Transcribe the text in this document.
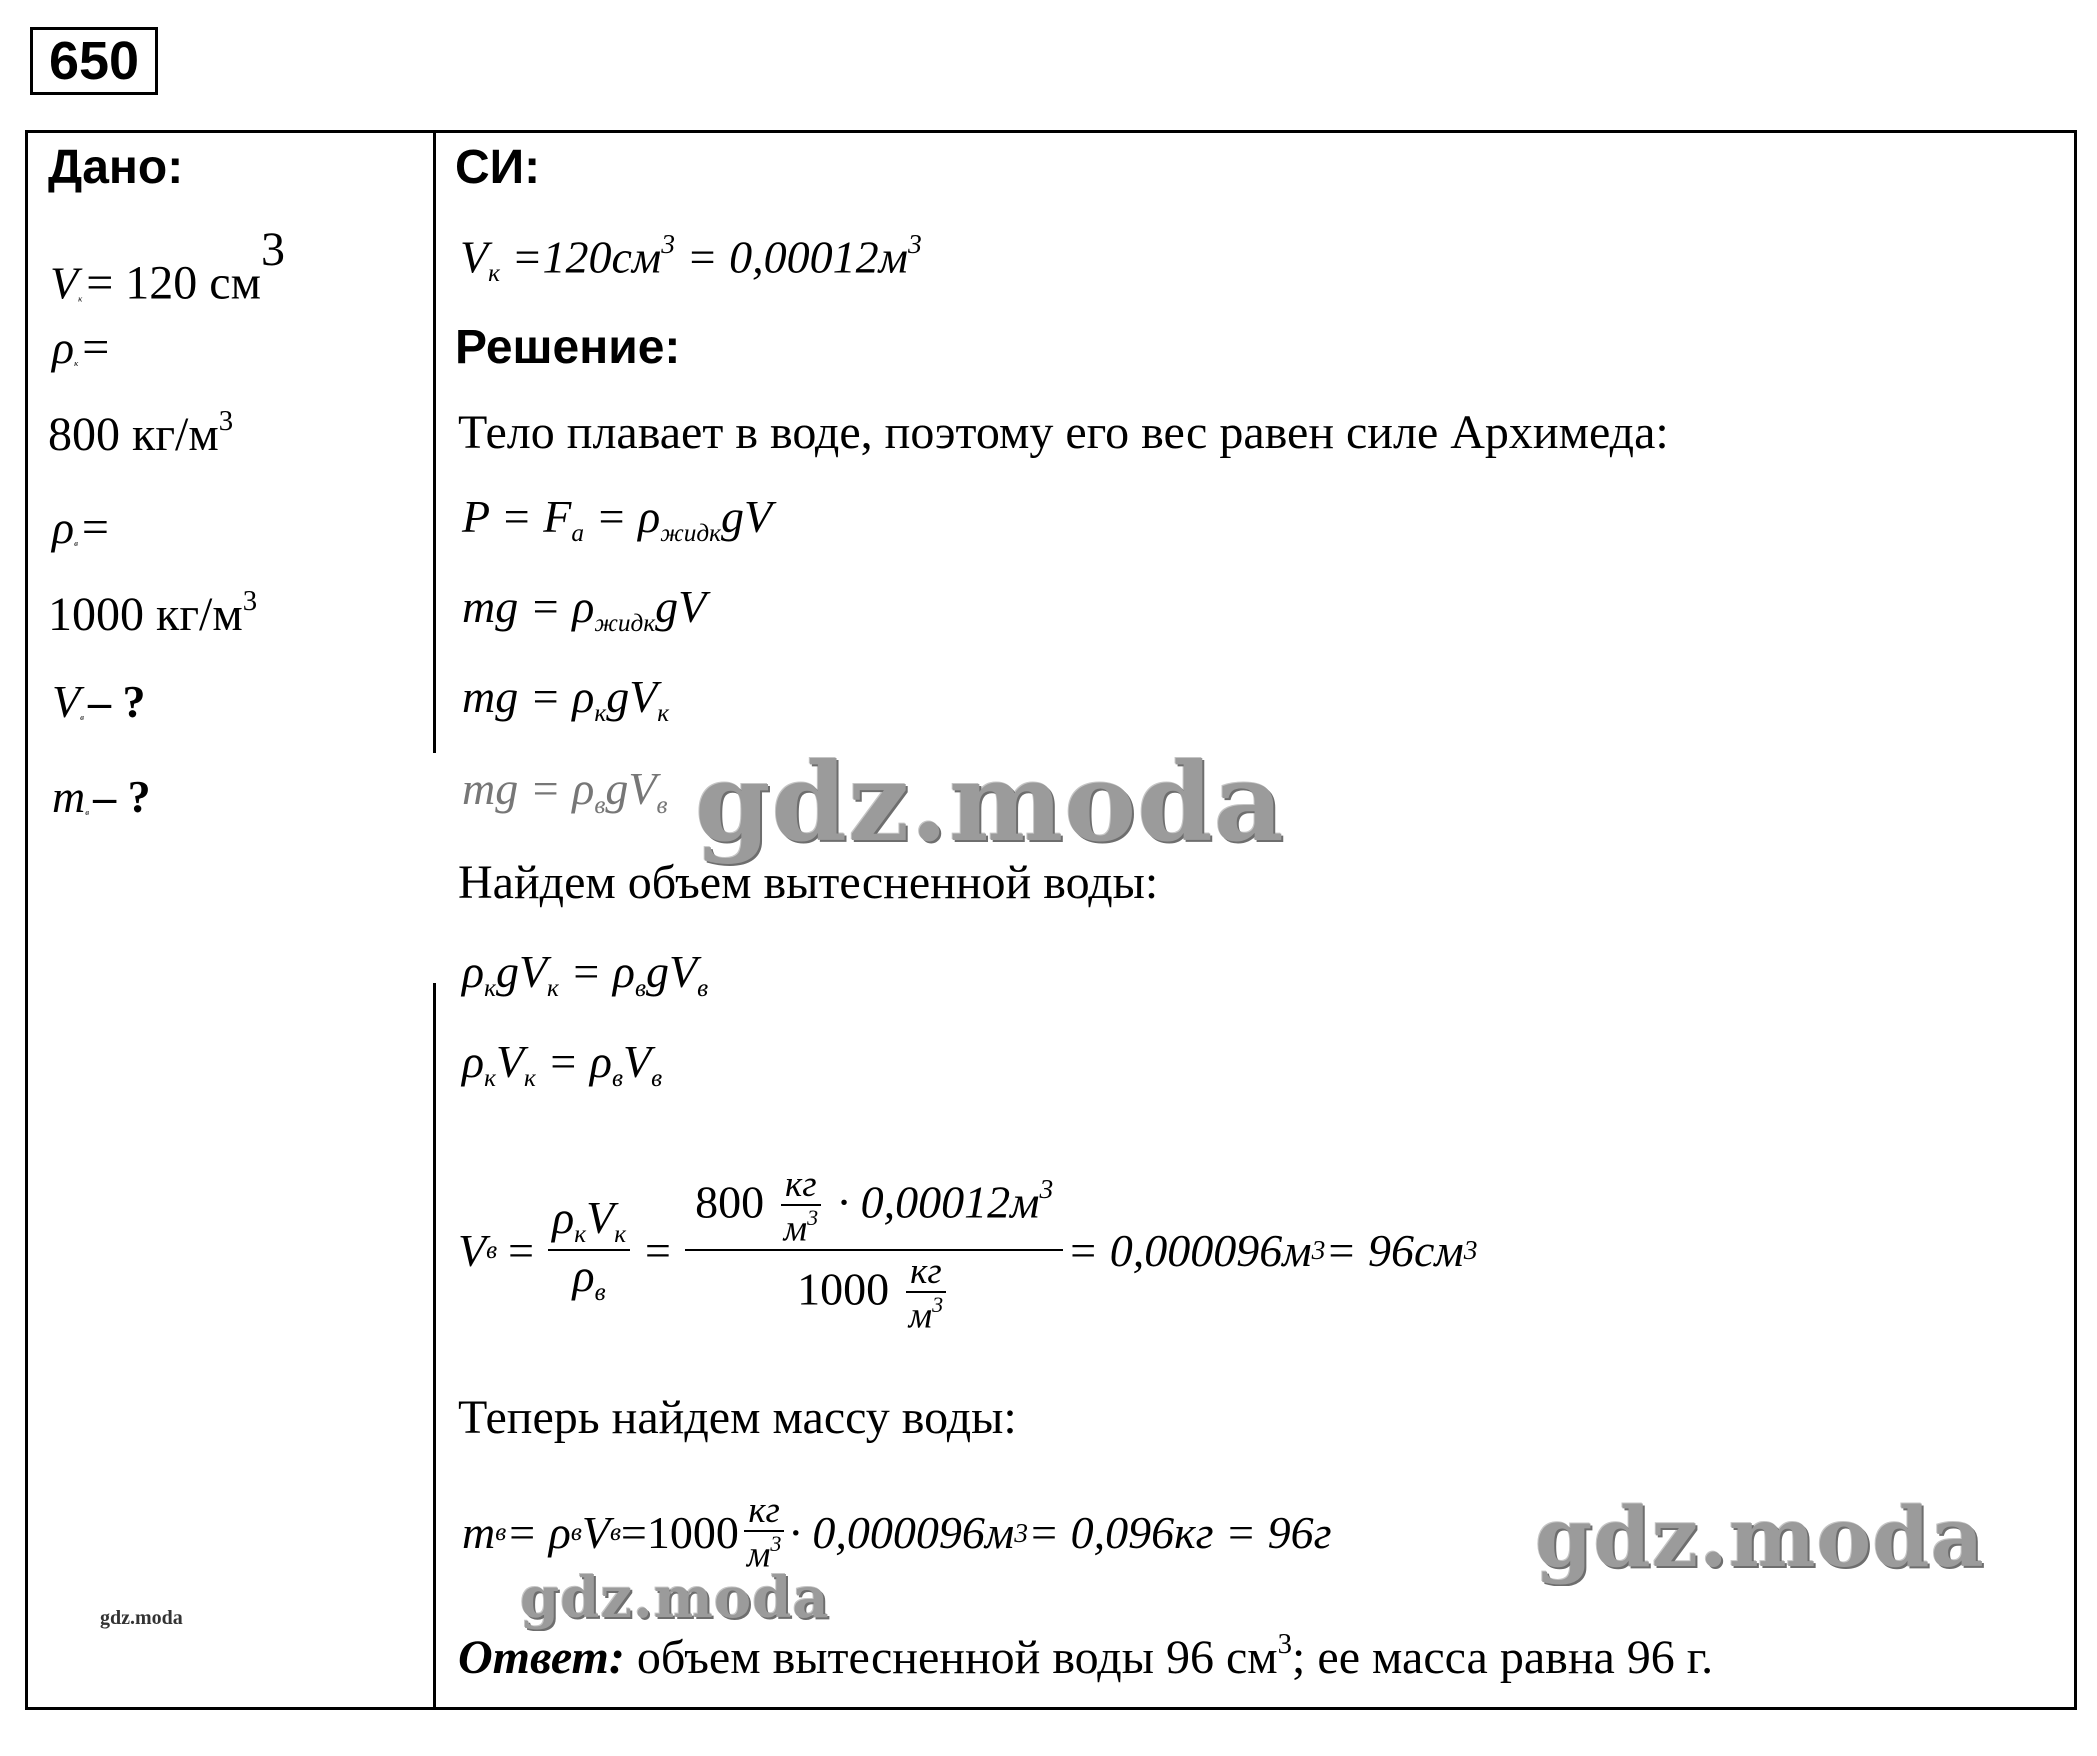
650
Дано:
$V_к = 120$ $см^3$
$\rho_к$ =
800 $кг/м^3$
$\rho_в$ =
1000 $кг/м^3$
$V_в$ – ?
$m_в$ – ?
gdz.moda
СИ:
$V_к =120см^3 = 0,00012м^3$
Решение:
Тело плавает в воде, поэтому его вес равен силе Архимеда:
$P = F_a = \rho_{жидк}gV$
mg = $\rho_{жидк}gV$
mg = $\rho_кgV_к$
mg = $\rho_вgV_в$ gdz.moda
Найдем объем вытесненной воды:
$\rho_кgV_к = \rho_вgV_в$
$\rho_кV_к = \rho_вV_в$
V $в = \frac{\rho_кV_к}{\rho_в} = \frac{800 \frac{кг}{м^3} \cdot 0,00012м^3}{1000 \frac{кг}{м^3}} = 0,000096м$ 3 = 96см 3
Теперь найдем массу воды:
m в = ρ в V $в =1000 \frac{кг}{м^3} \cdot 0,000096м$ 3 = 0,096кг = 96г gdz.moda
gdz.moda
Ответ: объем вытесненной воды 96 $см^3$; ее масса равна 96 г.
